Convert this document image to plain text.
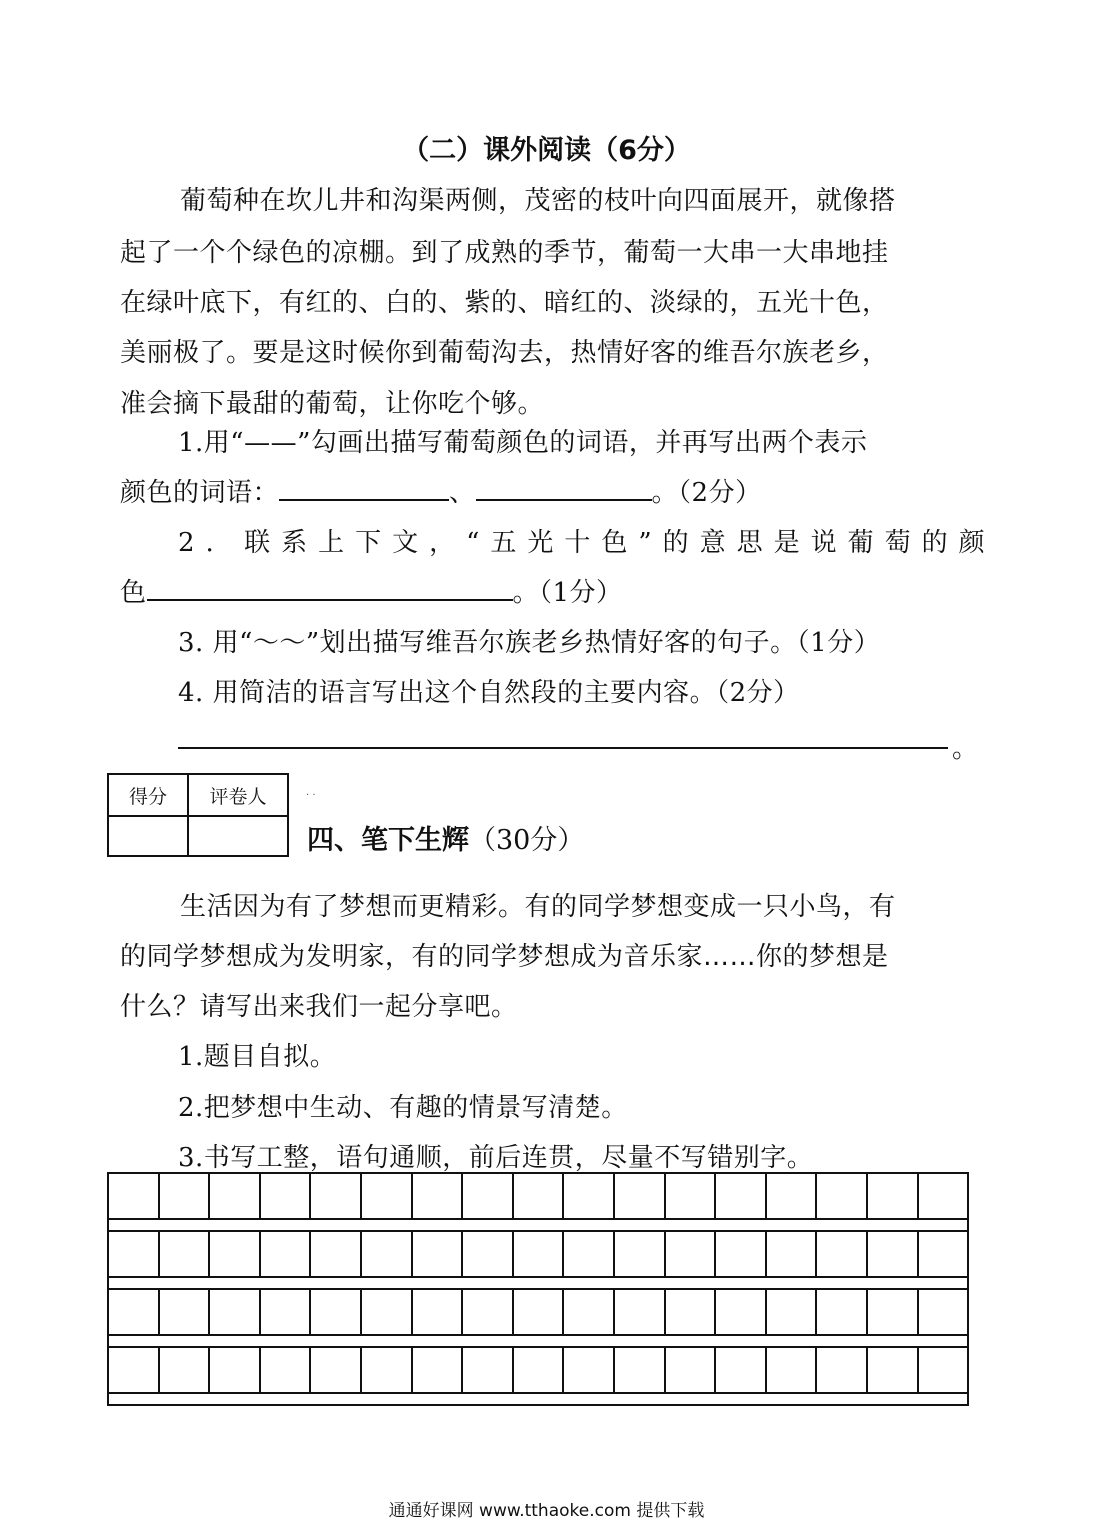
（二）课外阅读（6分）
葡萄种在坎儿井和沟渠两侧，茂密的枝叶向四面展开，就像搭
起了一个个绿色的凉棚。到了成熟的季节，葡萄一大串一大串地挂
在绿叶底下，有红的、白的、紫的、暗红的、淡绿的，五光十色，
美丽极了。要是这时候你到葡萄沟去，热情好客的维吾尔族老乡，
准会摘下最甜的葡萄，让你吃个够。
1.用“——”勾画出描写葡萄颜色的词语，并再写出两个表示
颜色的词语：	、	。（2分）
2. 联系上下文，“五光十色”的意思是说葡萄的颜
色	。（1分）
3. 用“～～”划出描写维吾尔族老乡热情好客的句子。（1分）
4. 用简洁的语言写出这个自然段的主要内容。（2分）
。
得分	评卷人
		· ·
四、笔下生辉（30分）
生活因为有了梦想而更精彩。有的同学梦想变成一只小鸟，有
的同学梦想成为发明家，有的同学梦想成为音乐家……你的梦想是
什么？请写出来我们一起分享吧。
1.题目自拟。
2.把梦想中生动、有趣的情景写清楚。
3.书写工整，语句通顺，前后连贯，尽量不写错别字。
通通好课网 www.tthaoke.com 提供下载
